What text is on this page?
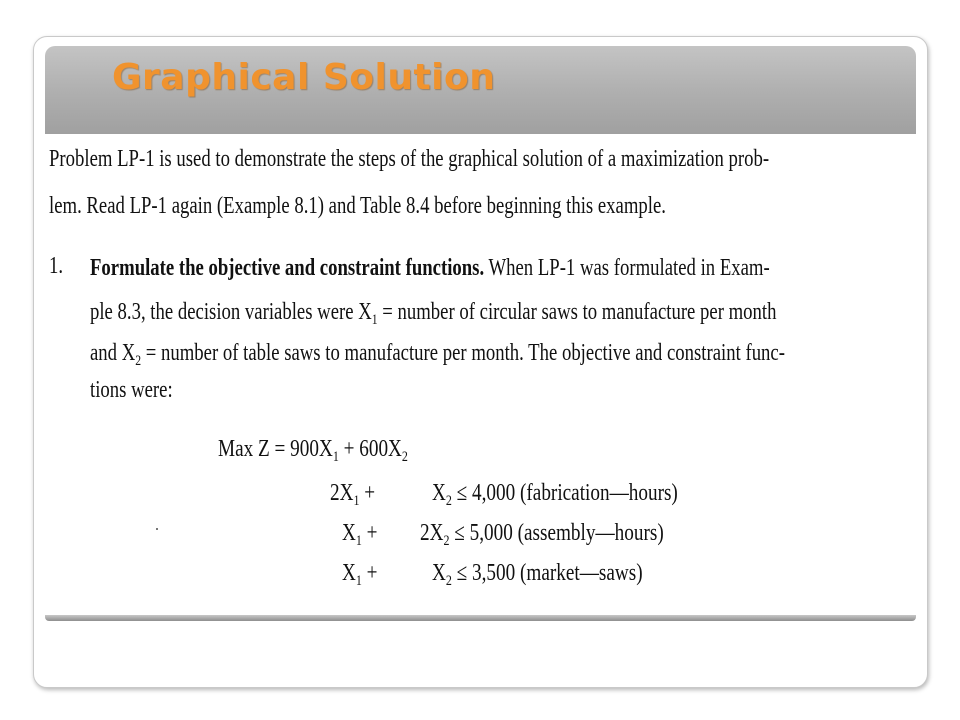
Graphical Solution
Problem LP-1 is used to demonstrate the steps of the graphical solution of a maximization prob-
lem. Read LP-1 again (Example 8.1) and Table 8.4 before beginning this example.
1. Formulate the objective and constraint functions. When LP-1 was formulated in Exam-
ple 8.3, the decision variables were $X_1$ = number of circular saws to manufacture per month
and $X_2$ = number of table saws to manufacture per month. The objective and constraint func-
tions were:
Max $Z = 900X_1 + 600X_2$
$2X_1 + X_2 \le 4,000$ (fabrication—hours)
$X_1 + 2X_2 \le 5,000$ (assembly—hours)
$X_1 + X_2 \le 3,500$ (market—saws)
